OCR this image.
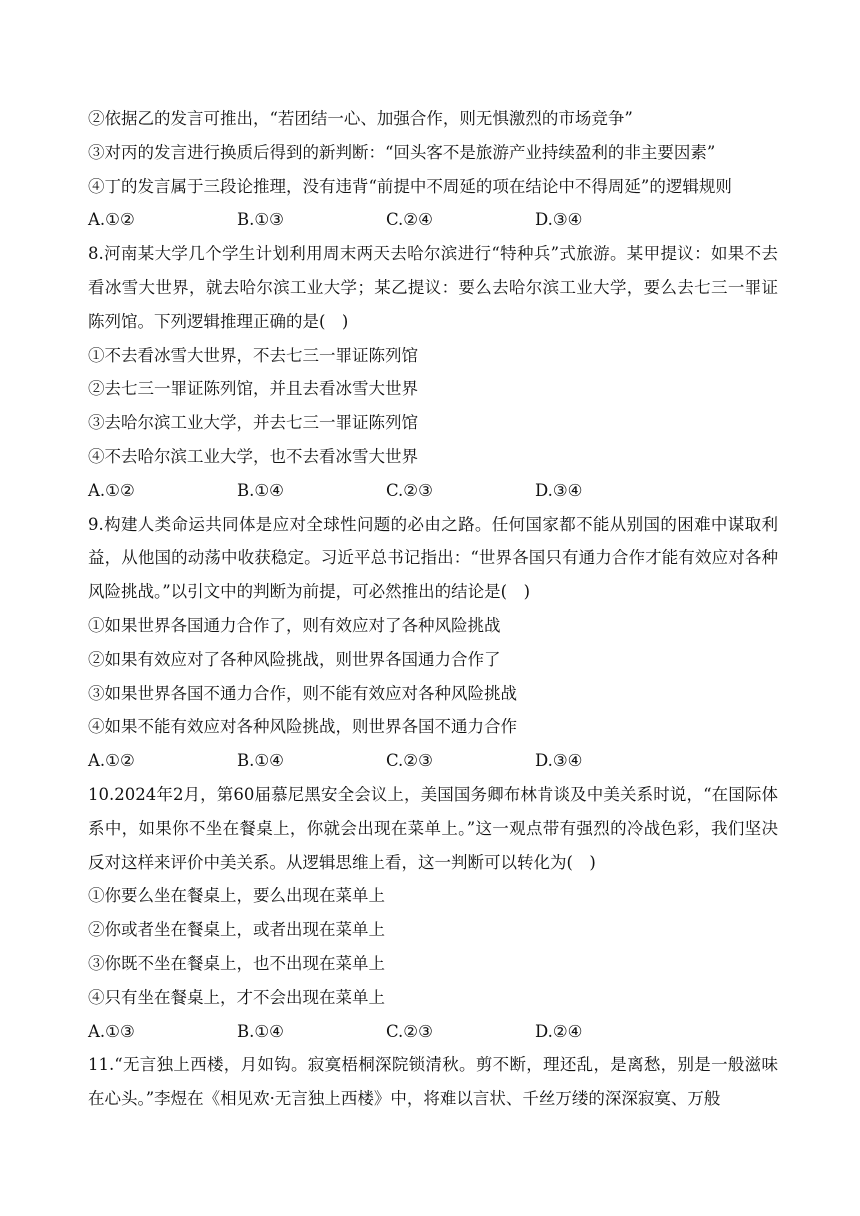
②依据乙的发言可推出，“若团结一心、加强合作，则无惧激烈的市场竞争”
③对丙的发言进行换质后得到的新判断：“回头客不是旅游产业持续盈利的非主要因素”
④丁的发言属于三段论推理，没有违背“前提中不周延的项在结论中不得周延”的逻辑规则
A.①②	B.①③	C.②④	D.③④
8.河南某大学几个学生计划利用周末两天去哈尔滨进行“特种兵”式旅游。某甲提议：如果不去看冰雪大世界，就去哈尔滨工业大学；某乙提议：要么去哈尔滨工业大学，要么去七三一罪证陈列馆。下列逻辑推理正确的是(　)
①不去看冰雪大世界，不去七三一罪证陈列馆
②去七三一罪证陈列馆，并且去看冰雪大世界
③去哈尔滨工业大学，并去七三一罪证陈列馆
④不去哈尔滨工业大学，也不去看冰雪大世界
A.①②	B.①④	C.②③	D.③④
9.构建人类命运共同体是应对全球性问题的必由之路。任何国家都不能从别国的困难中谋取利益，从他国的动荡中收获稳定。习近平总书记指出：“世界各国只有通力合作才能有效应对各种风险挑战。”以引文中的判断为前提，可必然推出的结论是(　)
①如果世界各国通力合作了，则有效应对了各种风险挑战
②如果有效应对了各种风险挑战，则世界各国通力合作了
③如果世界各国不通力合作，则不能有效应对各种风险挑战
④如果不能有效应对各种风险挑战，则世界各国不通力合作
A.①②	B.①④	C.②③	D.③④
10.2024年2月，第60届慕尼黑安全会议上，美国国务卿布林肯谈及中美关系时说，“在国际体系中，如果你不坐在餐桌上，你就会出现在菜单上。”这一观点带有强烈的冷战色彩，我们坚决反对这样来评价中美关系。从逻辑思维上看，这一判断可以转化为(　)
①你要么坐在餐桌上，要么出现在菜单上
②你或者坐在餐桌上，或者出现在菜单上
③你既不坐在餐桌上，也不出现在菜单上
④只有坐在餐桌上，才不会出现在菜单上
A.①③	B.①④	C.②③	D.②④
11.“无言独上西楼，月如钩。寂寞梧桐深院锁清秋。剪不断，理还乱，是离愁，别是一般滋味在心头。”李煜在《相见欢·无言独上西楼》中，将难以言状、千丝万缕的深深寂寞、万般
